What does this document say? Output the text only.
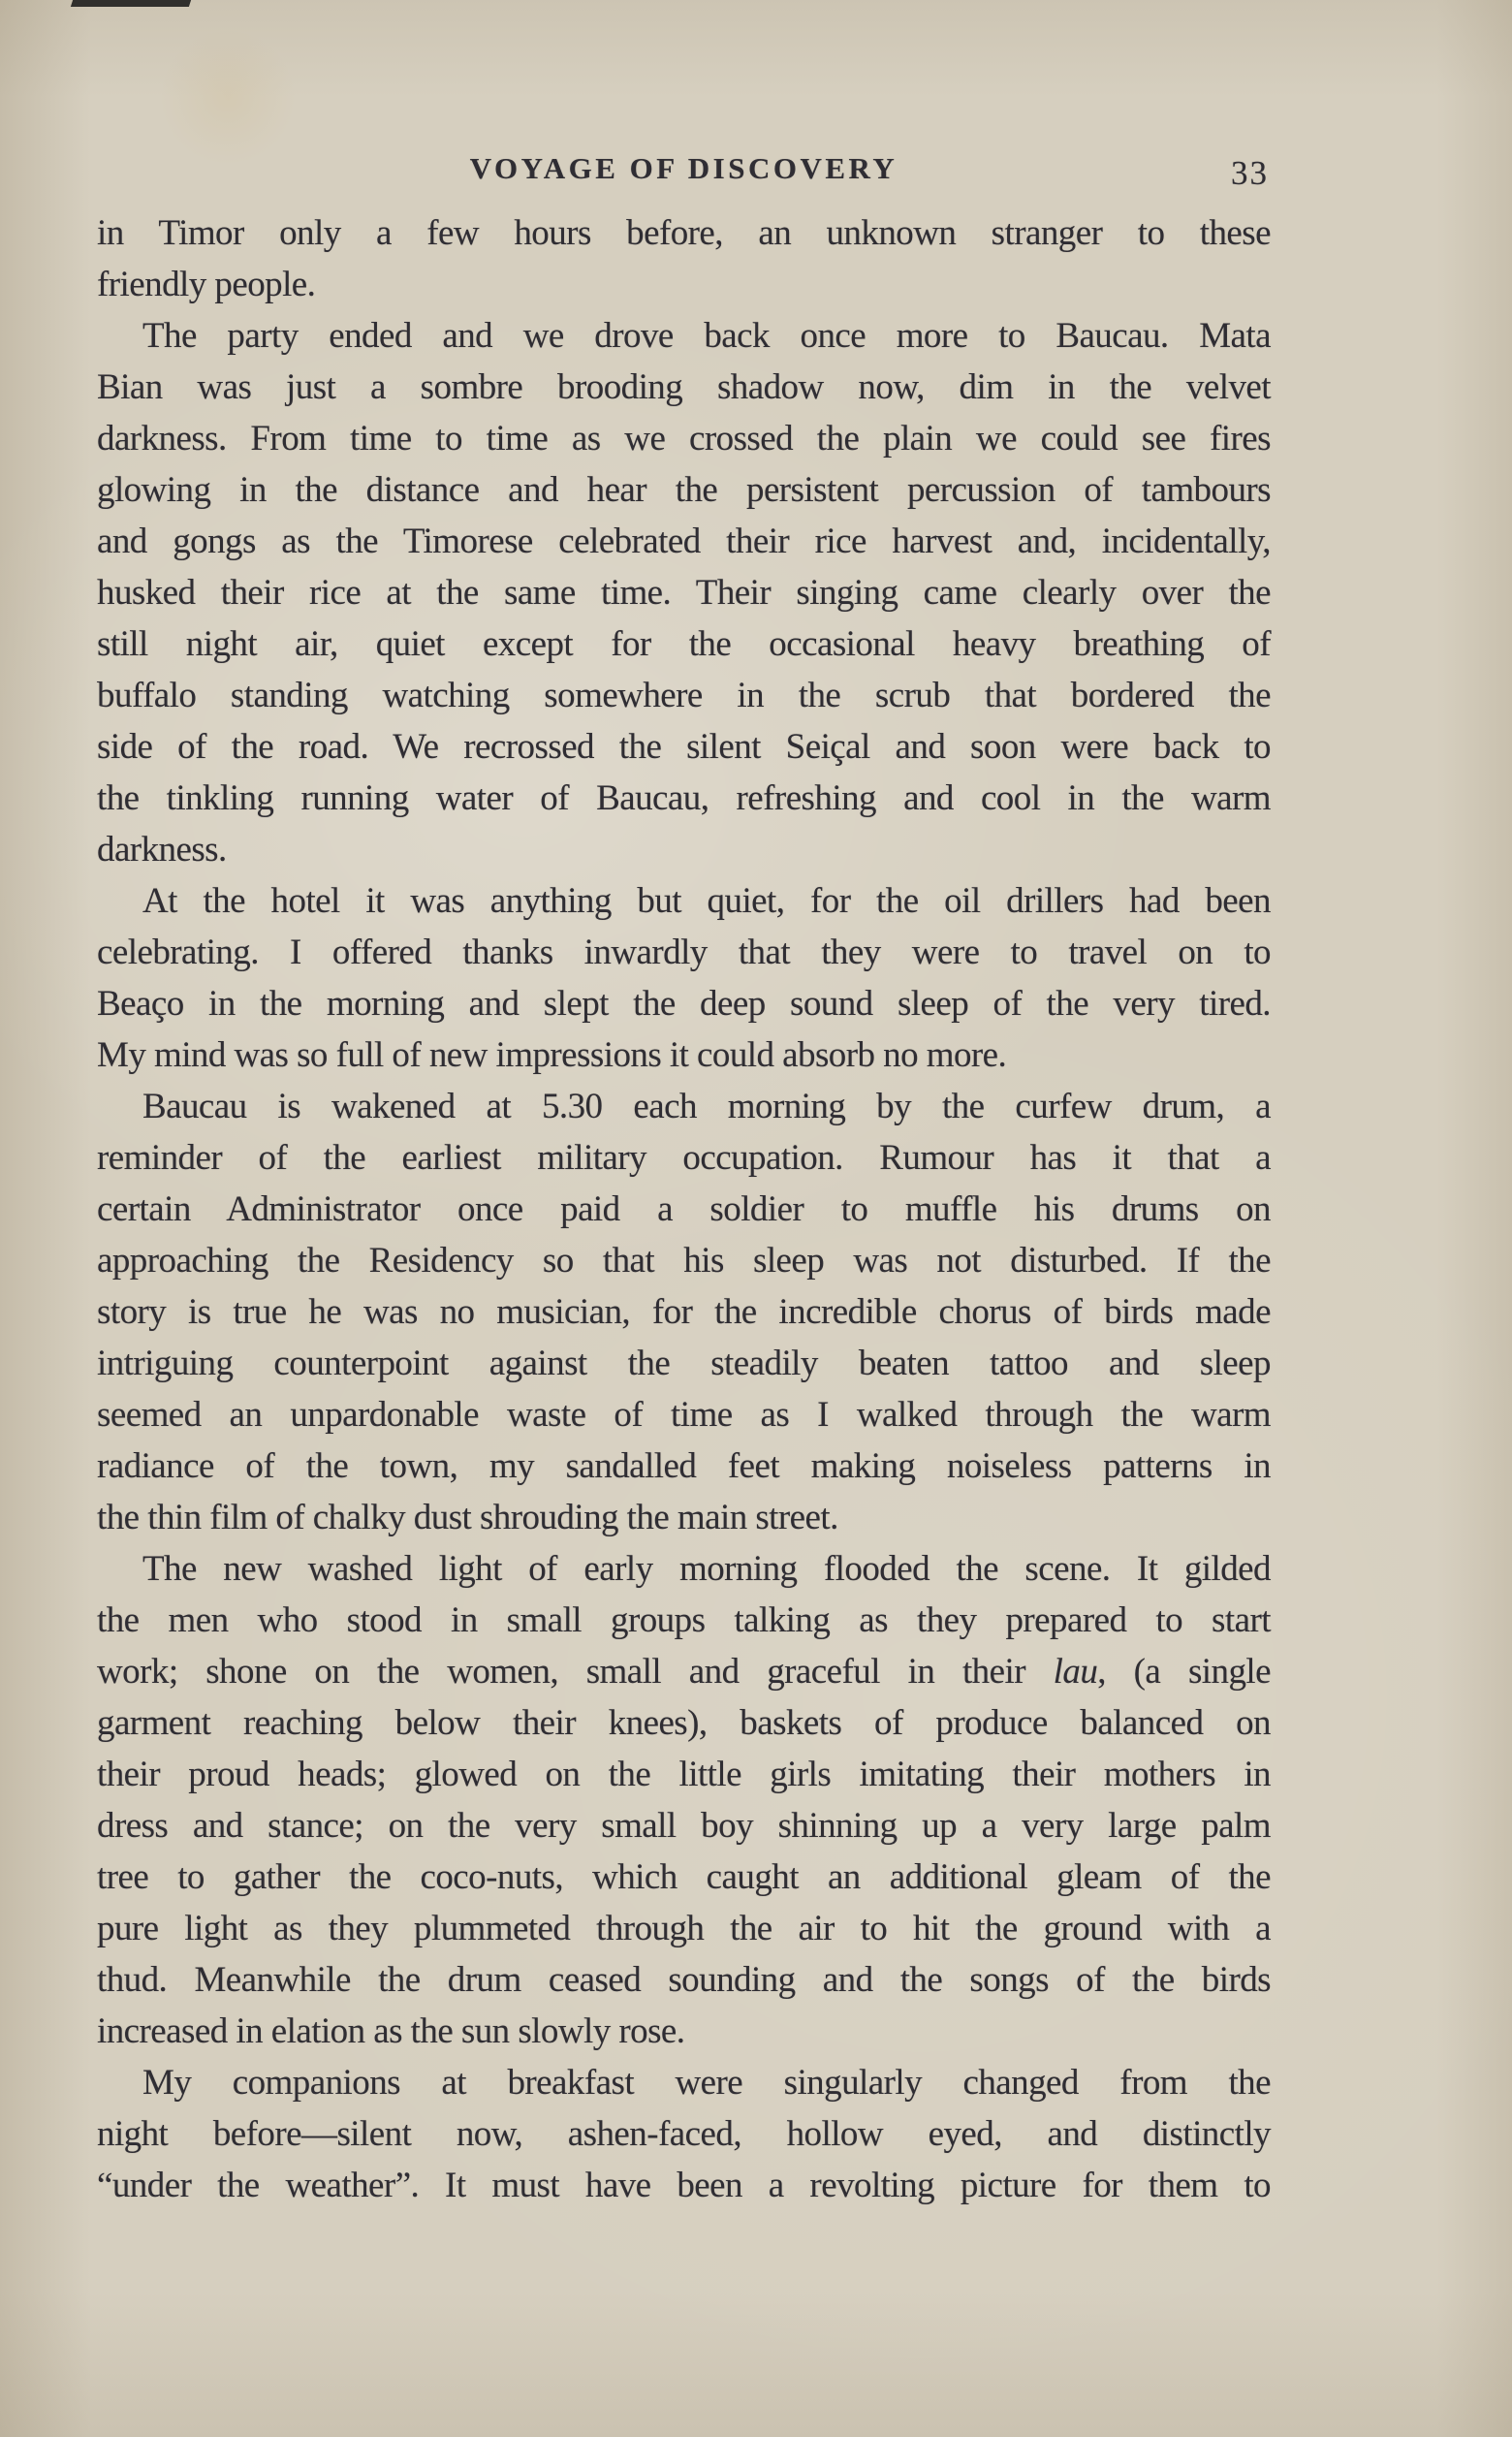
VOYAGE OF DISCOVERY	33
in Timor only a few hours before, an unknown stranger to these
friendly people.
The party ended and we drove back once more to Baucau. Mata
Bian was just a sombre brooding shadow now, dim in the velvet
darkness. From time to time as we crossed the plain we could see fires
glowing in the distance and hear the persistent percussion of tambours
and gongs as the Timorese celebrated their rice harvest and, incidentally,
husked their rice at the same time. Their singing came clearly over the
still night air, quiet except for the occasional heavy breathing of
buffalo standing watching somewhere in the scrub that bordered the
side of the road. We recrossed the silent Seiçal and soon were back to
the tinkling running water of Baucau, refreshing and cool in the warm
darkness.
At the hotel it was anything but quiet, for the oil drillers had been
celebrating. I offered thanks inwardly that they were to travel on to
Beaço in the morning and slept the deep sound sleep of the very tired.
My mind was so full of new impressions it could absorb no more.
Baucau is wakened at 5.30 each morning by the curfew drum, a
reminder of the earliest military occupation. Rumour has it that a
certain Administrator once paid a soldier to muffle his drums on
approaching the Residency so that his sleep was not disturbed. If the
story is true he was no musician, for the incredible chorus of birds made
intriguing counterpoint against the steadily beaten tattoo and sleep
seemed an unpardonable waste of time as I walked through the warm
radiance of the town, my sandalled feet making noiseless patterns in
the thin film of chalky dust shrouding the main street.
The new washed light of early morning flooded the scene. It gilded
the men who stood in small groups talking as they prepared to start
work; shone on the women, small and graceful in their lau, (a single
garment reaching below their knees), baskets of produce balanced on
their proud heads; glowed on the little girls imitating their mothers in
dress and stance; on the very small boy shinning up a very large palm
tree to gather the coco-nuts, which caught an additional gleam of the
pure light as they plummeted through the air to hit the ground with a
thud. Meanwhile the drum ceased sounding and the songs of the birds
increased in elation as the sun slowly rose.
My companions at breakfast were singularly changed from the
night before—silent now, ashen-faced, hollow eyed, and distinctly
“under the weather”. It must have been a revolting picture for them to
